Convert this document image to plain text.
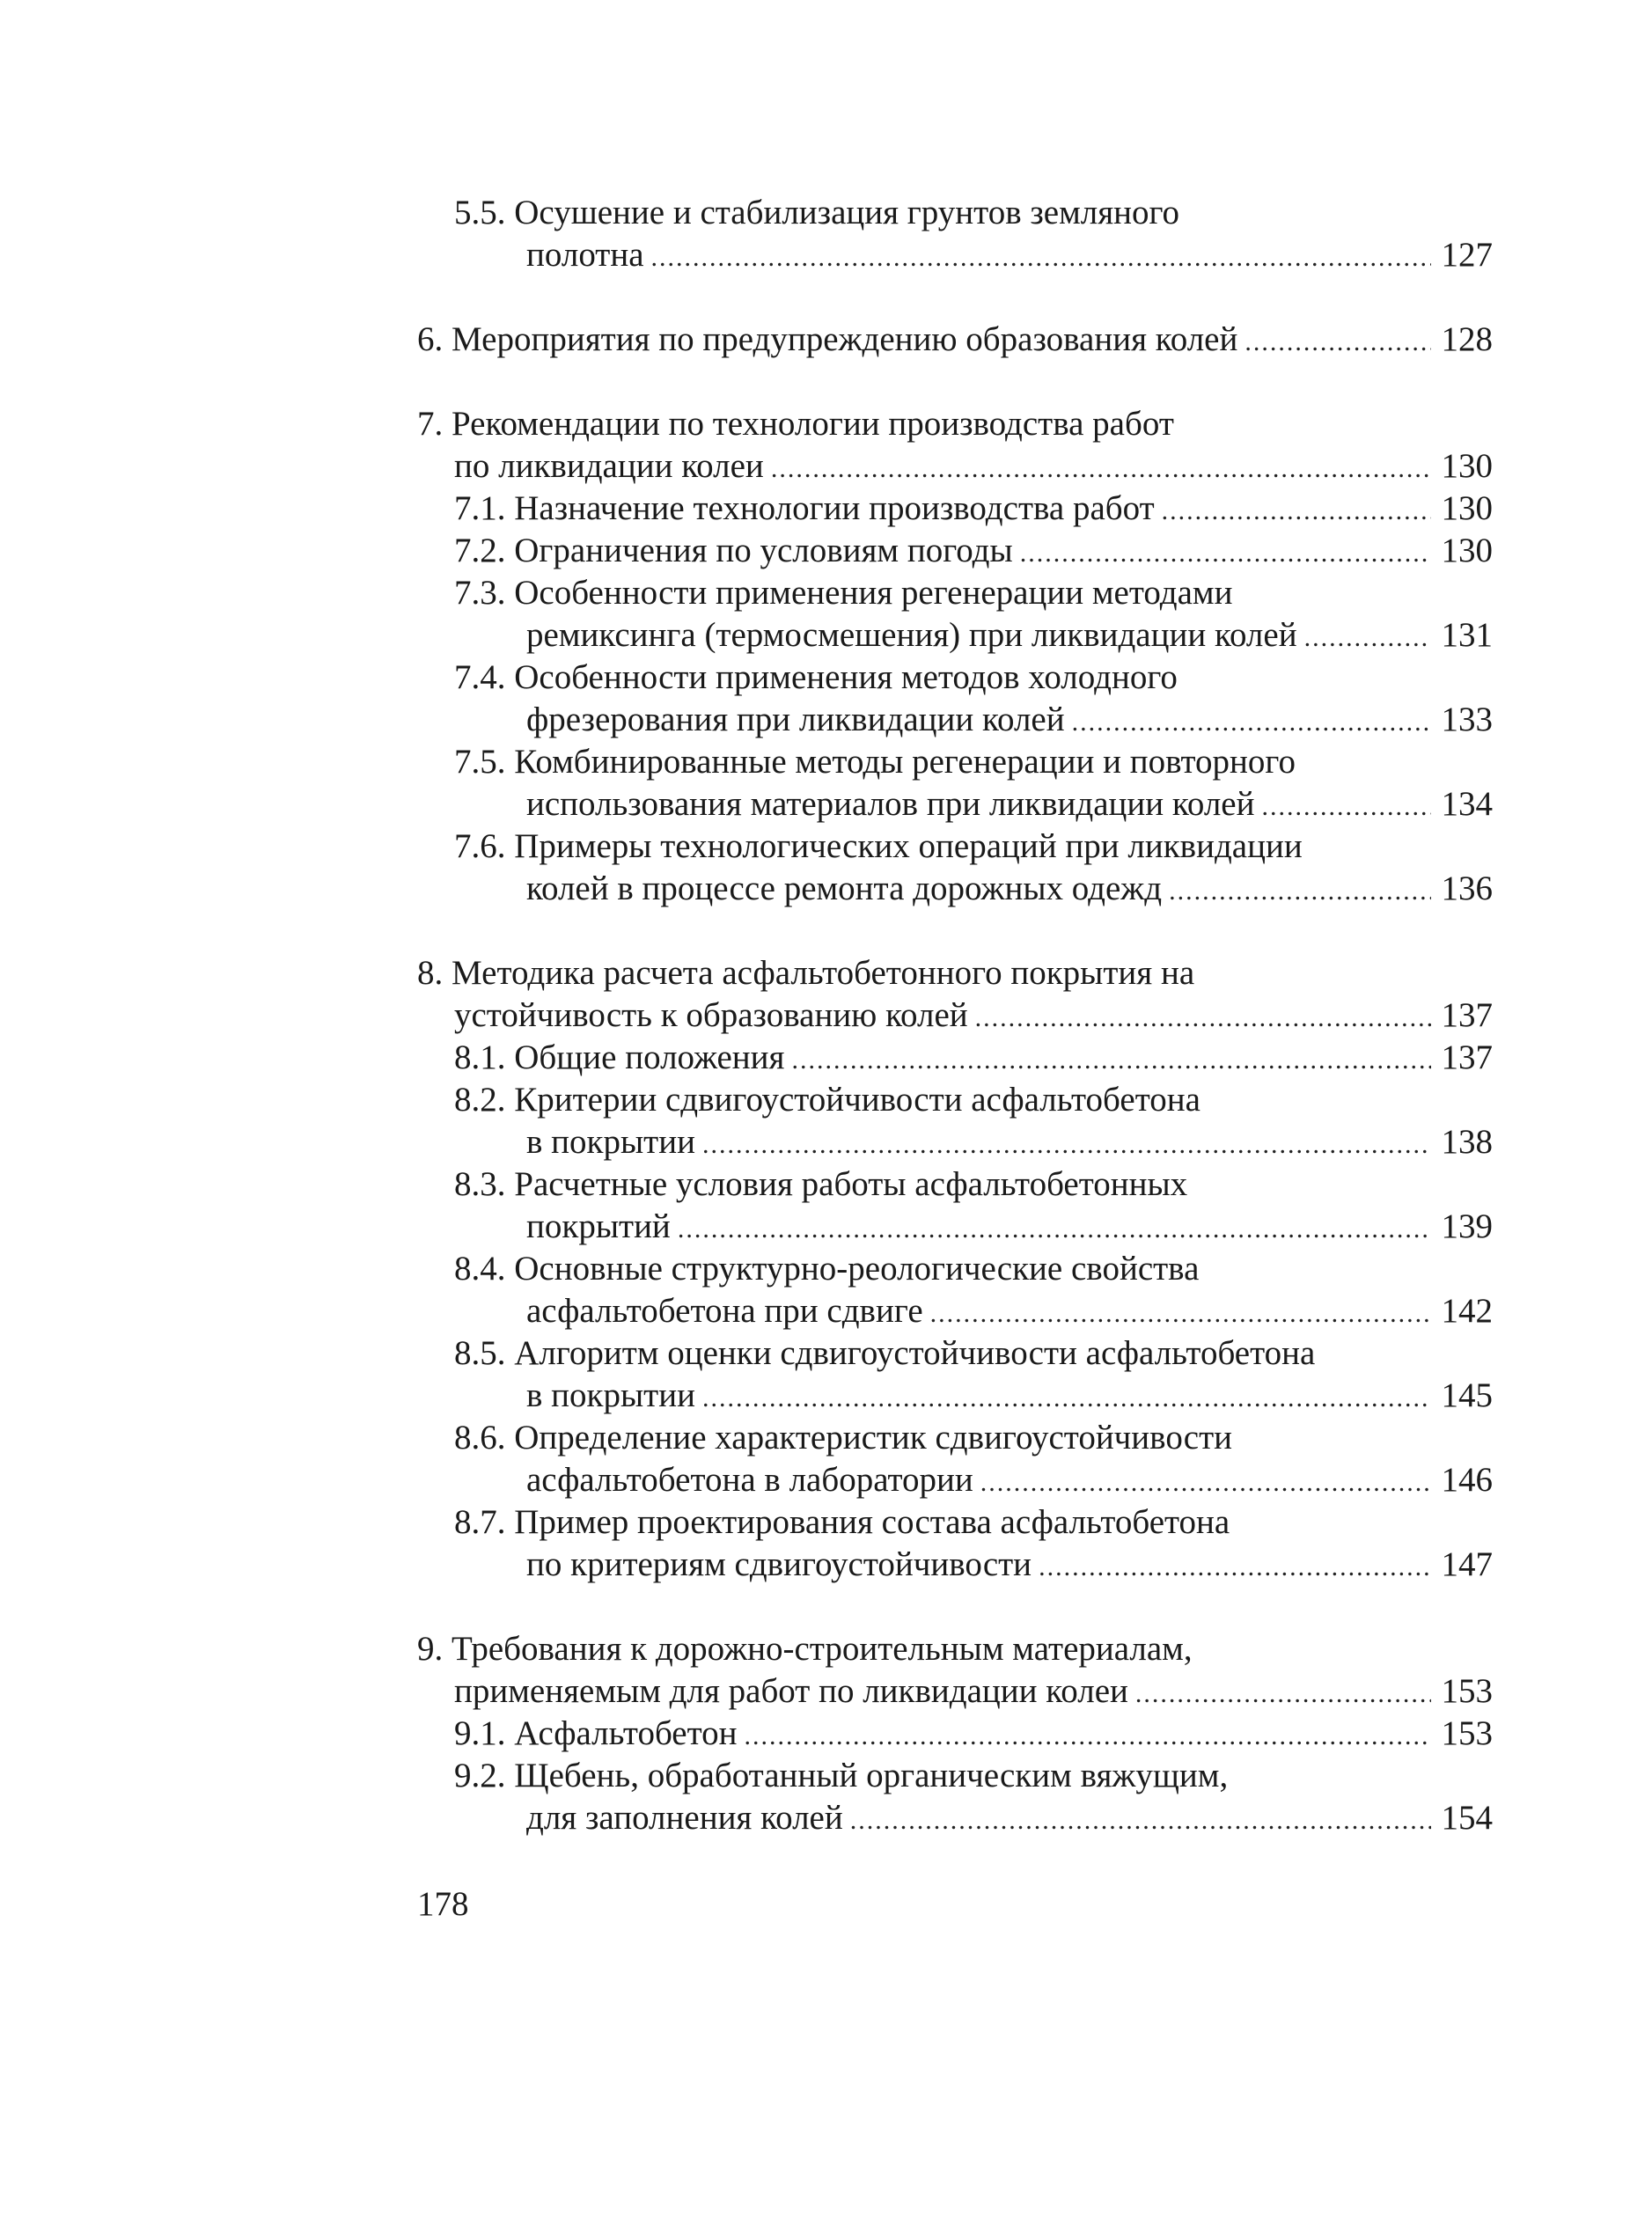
5.5. Осушение и стабилизация грунтов земляного
полотна .....	127
6. Мероприятия по предупреждению образования колей .....	128
7. Рекомендации по технологии производства работ
по ликвидации колеи .....	130
7.1. Назначение технологии производства работ .....	130
7.2. Ограничения по условиям погоды .....	130
7.3. Особенности применения регенерации методами
ремиксинга (термосмешения) при ликвидации колей .....	131
7.4. Особенности применения методов холодного
фрезерования при ликвидации колей .....	133
7.5. Комбинированные методы регенерации и повторного
использования материалов при ликвидации колей .....	134
7.6. Примеры технологических операций при ликвидации
колей в процессе ремонта дорожных одежд .....	136
8. Методика расчета асфальтобетонного покрытия на
устойчивость к образованию колей .....	137
8.1. Общие положения .....	137
8.2. Критерии сдвигоустойчивости асфальтобетона
в покрытии .....	138
8.3. Расчетные условия работы асфальтобетонных
покрытий .....	139
8.4. Основные структурно-реологические свойства
асфальтобетона при сдвиге .....	142
8.5. Алгоритм оценки сдвигоустойчивости асфальтобетона
в покрытии .....	145
8.6. Определение характеристик сдвигоустойчивости
асфальтобетона в лаборатории .....	146
8.7. Пример проектирования состава асфальтобетона
по критериям сдвигоустойчивости .....	147
9. Требования к дорожно-строительным материалам,
применяемым для работ по ликвидации колеи .....	153
9.1. Асфальтобетон .....	153
9.2. Щебень, обработанный органическим вяжущим,
для заполнения колей .....	154
178
